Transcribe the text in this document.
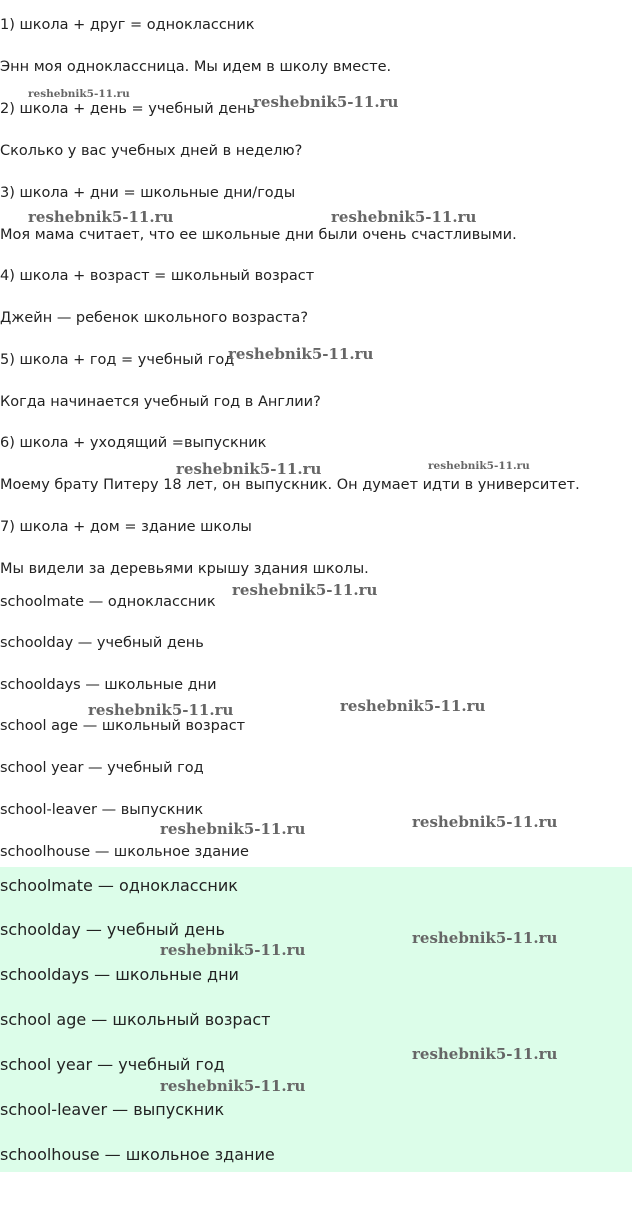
1) школа + друг = одноклассник
Энн моя одноклассница. Мы идем в школу вместе.
2) школа + день = учебный день
Сколько у вас учебных дней в неделю?
3) школа + дни = школьные дни/годы
Моя мама считает, что ее школьные дни были очень счастливыми.
4) школа + возраст = школьный возраст
Джейн — ребенок школьного возраста?
5) школа + год = учебный год
Когда начинается учебный год в Англии?
6) школа + уходящий =выпускник
Моему брату Питеру 18 лет, он выпускник. Он думает идти в университет.
7) школа + дом = здание школы
Мы видели за деревьями крышу здания школы.
schoolmate — одноклассник
schoolday — учебный день
schooldays — школьные дни
school age — школьный возраст
school year — учебный год
school-leaver — выпускник
schoolhouse — школьное здание
schoolmate — одноклассник
schoolday — учебный день
schooldays — школьные дни
school age — школьный возраст
school year — учебный год
school-leaver — выпускник
schoolhouse — школьное здание
reshebnik5-11.ru	reshebnik5-11.ru
reshebnik5-11.ru	reshebnik5-11.ru
reshebnik5-11.ru
reshebnik5-11.ru	reshebnik5-11.ru
reshebnik5-11.ru
reshebnik5-11.ru	reshebnik5-11.ru
reshebnik5-11.ru	reshebnik5-11.ru
reshebnik5-11.ru
reshebnik5-11.ru
reshebnik5-11.ru
reshebnik5-11.ru
